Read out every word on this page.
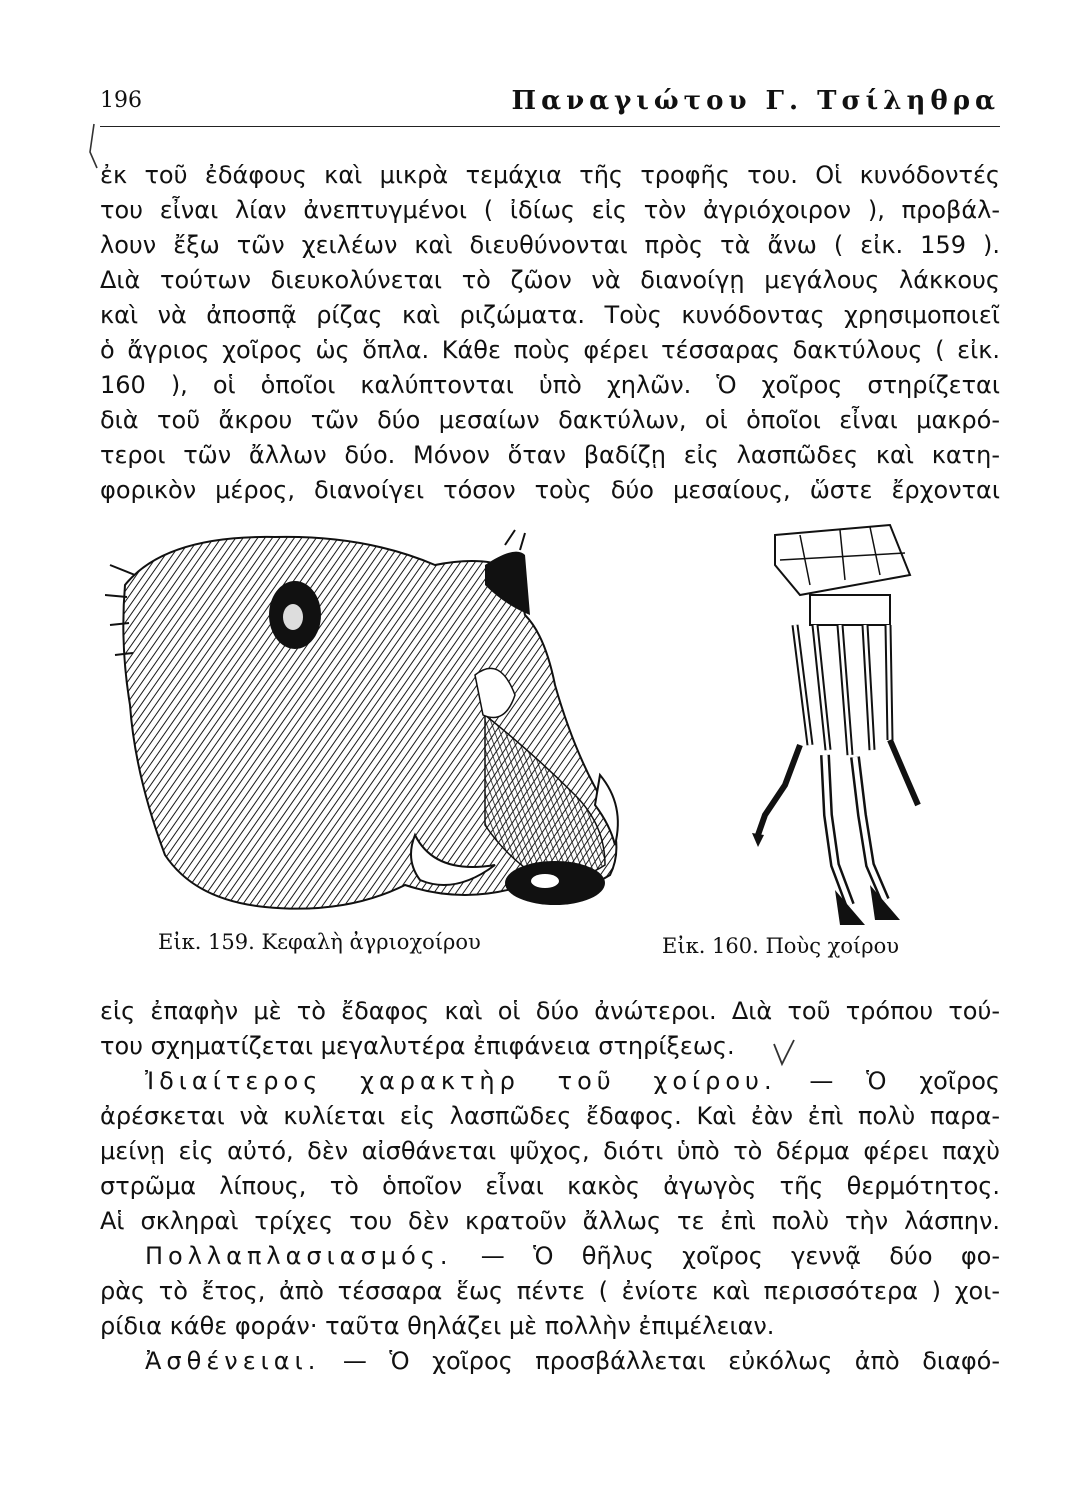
196	Παναγιώτου Γ. Τσίληθρα
ἐκ τοῦ ἐδάφους καὶ μικρὰ τεμάχια τῆς τροφῆς του. Οἱ κυνόδοντές
του εἶναι λίαν ἀνεπτυγμένοι ( ἰδίως εἰς τὸν ἀγριόχοιρον ), προβάλ-
λουν ἔξω τῶν χειλέων καὶ διευθύνονται πρὸς τὰ ἄνω ( εἰκ. 159 ).
Διὰ τούτων διευκολύνεται τὸ ζῶον νὰ διανοίγῃ μεγάλους λάκκους
καὶ νὰ ἀποσπᾷ ρίζας καὶ ριζώματα. Τοὺς κυνόδοντας χρησιμοποιεῖ
ὁ ἄγριος χοῖρος ὡς ὅπλα. Κάθε ποὺς φέρει τέσσαρας δακτύλους ( εἰκ.
160 ), οἱ ὁποῖοι καλύπτονται ὑπὸ χηλῶν. Ὁ χοῖρος στηρίζεται
διὰ τοῦ ἄκρου τῶν δύο μεσαίων δακτύλων, οἱ ὁποῖοι εἶναι μακρό-
τεροι τῶν ἄλλων δύο. Μόνον ὅταν βαδίζῃ εἰς λασπῶδες καὶ κατη-
φορικὸν μέρος, διανοίγει τόσον τοὺς δύο μεσαίους, ὥστε ἔρχονται
Εἰκ. 159. Κεφαλὴ ἀγριοχοίρου	Εἰκ. 160. Ποὺς χοίρου
εἰς ἐπαφὴν μὲ τὸ ἔδαφος καὶ οἱ δύο ἀνώτεροι. Διὰ τοῦ τρόπου τού-
του σχηματίζεται μεγαλυτέρα ἐπιφάνεια στηρίξεως.
Ἰδιαίτερος χαρακτὴρ τοῦ χοίρου. — Ὁ χοῖρος
ἀρέσκεται νὰ κυλίεται εἰς λασπῶδες ἔδαφος. Καὶ ἐὰν ἐπὶ πολὺ παρα-
μείνῃ εἰς αὐτό, δὲν αἰσθάνεται ψῦχος, διότι ὑπὸ τὸ δέρμα φέρει παχὺ
στρῶμα λίπους, τὸ ὁποῖον εἶναι κακὸς ἀγωγὸς τῆς θερμότητος.
Αἱ σκληραὶ τρίχες του δὲν κρατοῦν ἄλλως τε ἐπὶ πολὺ τὴν λάσπην.
Πολλαπλασιασμός. — Ὁ θῆλυς χοῖρος γεννᾷ δύο φο-
ρὰς τὸ ἔτος, ἀπὸ τέσσαρα ἕως πέντε ( ἐνίοτε καὶ περισσότερα ) χοι-
ρίδια κάθε φοράν· ταῦτα θηλάζει μὲ πολλὴν ἐπιμέλειαν.
Ἀσθένειαι. — Ὁ χοῖρος προσβάλλεται εὐκόλως ἀπὸ διαφό-
